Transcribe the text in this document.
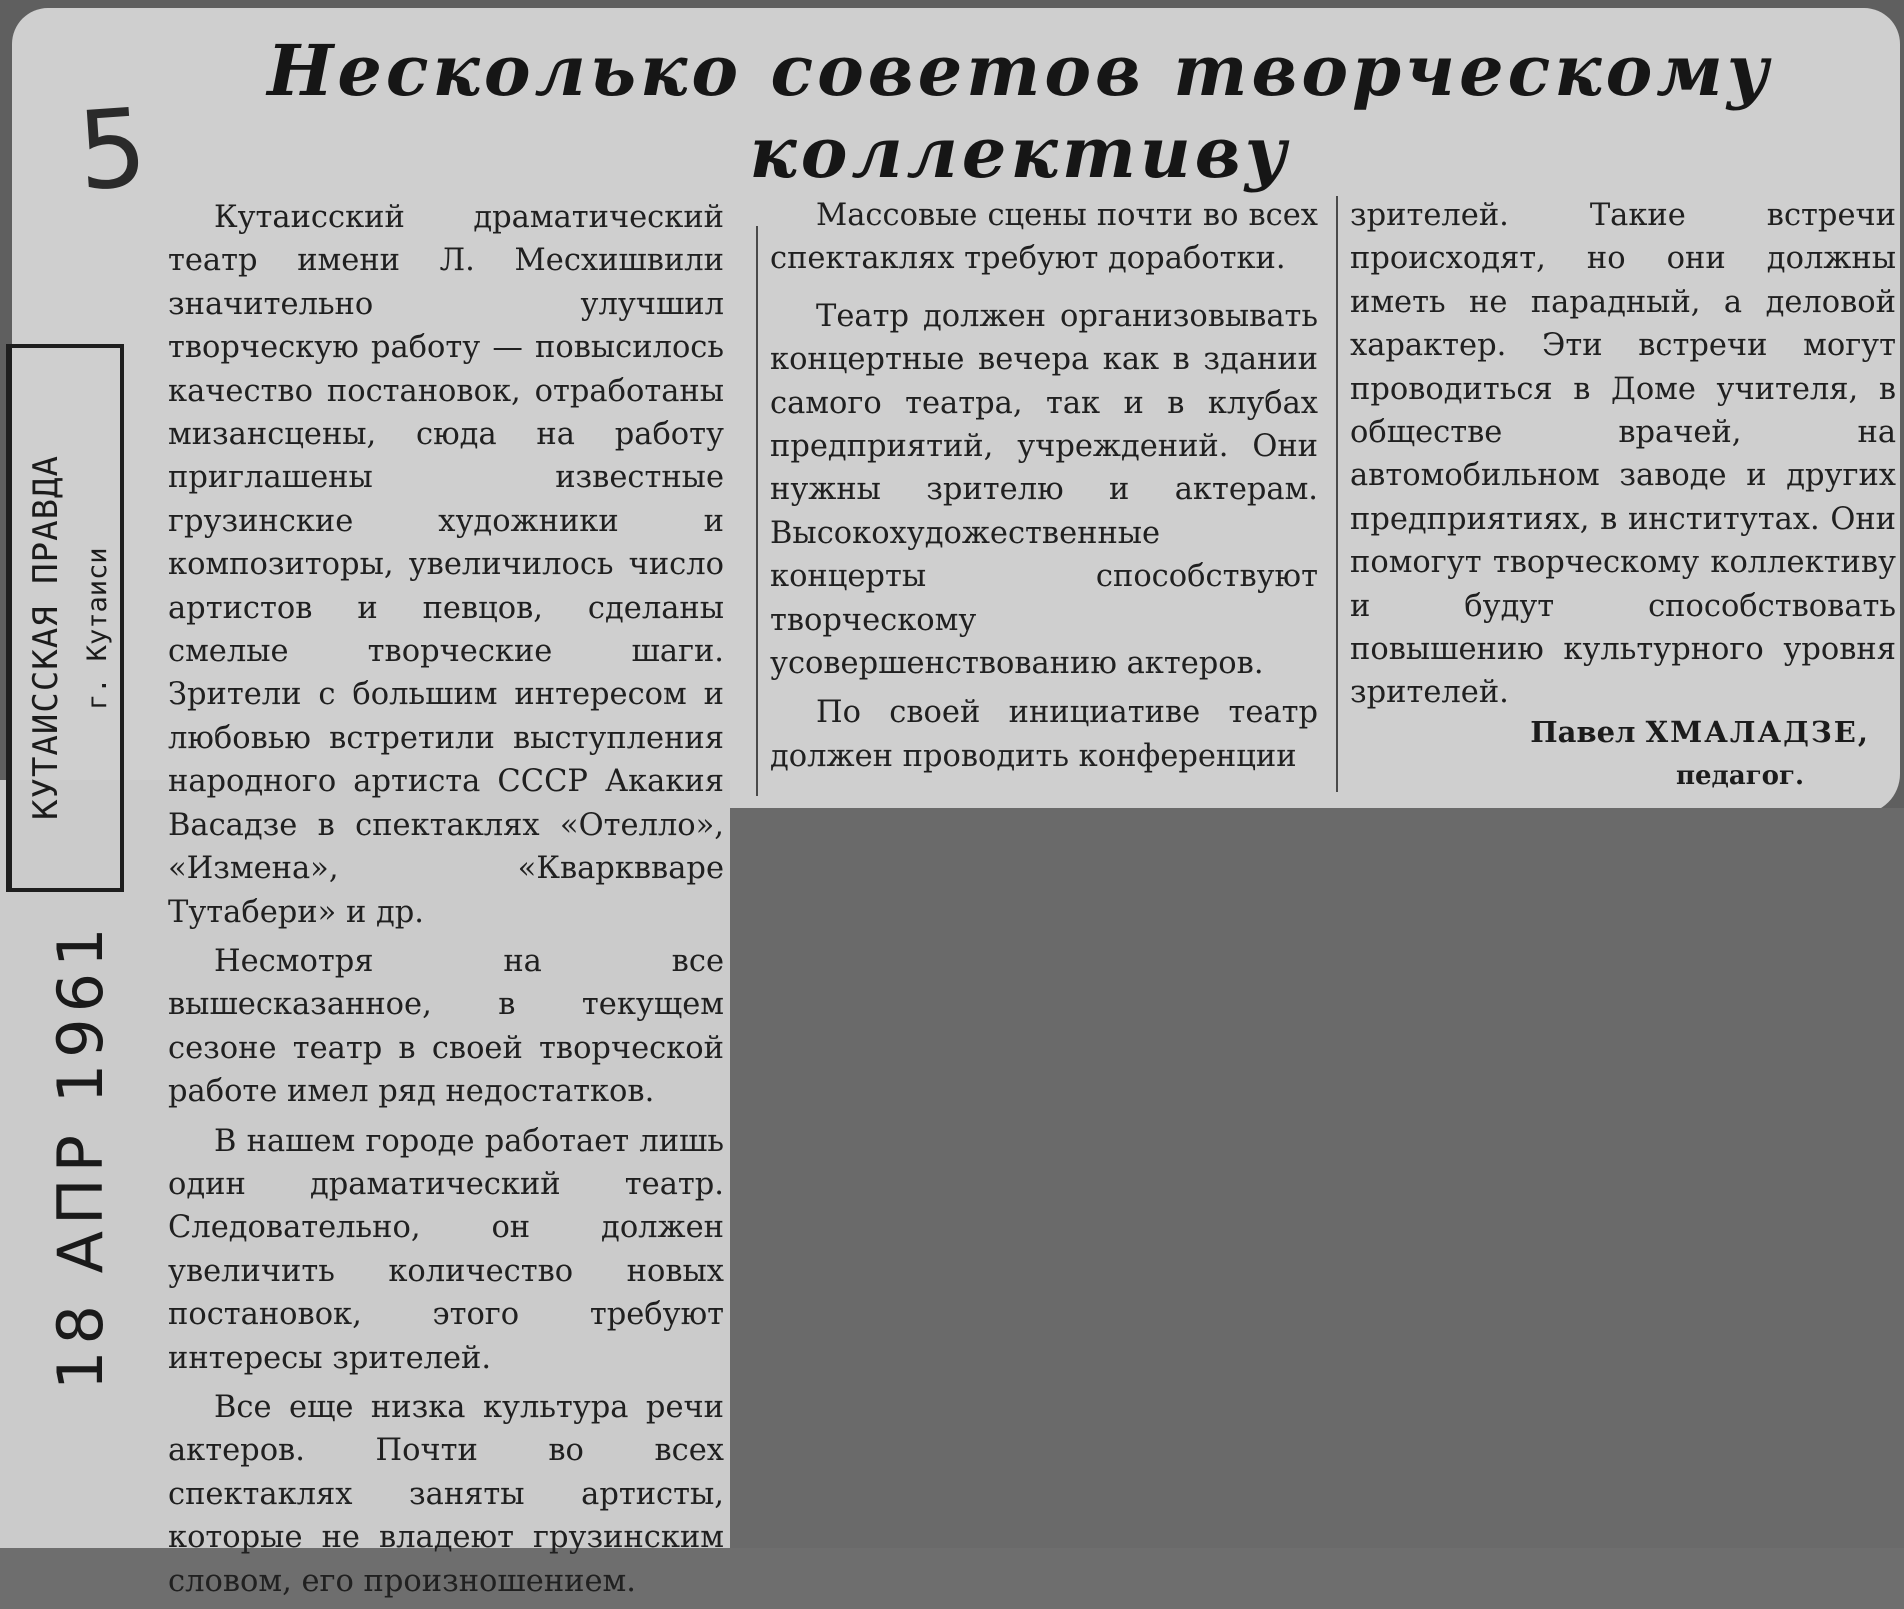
Несколько советов творческому
коллективу
5
КУТАИССКАЯ ПРАВДА г. Кутаиси
18 АПР 1961

Кутаисский драматический театр имени Л. Месхишвили значительно улучшил творческую работу — повысилось качество постановок, отработаны мизансцены, сюда на работу приглашены известные грузинские художники и композиторы, увеличилось число артистов и певцов, сделаны смелые творческие шаги. Зрители с большим интересом и любовью встретили выступления народного артиста СССР Акакия Васадзе в спектаклях «Отелло», «Измена», «Кварквваре Тутабери» и др.

Несмотря на все вышесказанное, в текущем сезоне театр в своей творческой работе имел ряд недостатков.

В нашем городе работает лишь один драматический театр. Следовательно, он должен увеличить количество новых постановок, этого требуют интересы зрителей.

Все еще низка культура речи актеров. Почти во всех спектаклях заняты артисты, которые не владеют грузинским словом, его произношением.

Массовые сцены почти во всех спектаклях требуют доработки.

Театр должен организовывать концертные вечера как в здании самого театра, так и в клубах предприятий, учреждений. Они нужны зрителю и актерам. Высокохудожественные концерты способствуют творческому усовершенствованию актеров.

По своей инициативе театр должен проводить конференции

зрителей. Такие встречи происходят, но они должны иметь не парадный, а деловой характер. Эти встречи могут проводиться в Доме учителя, в обществе врачей, на автомобильном заводе и других предприятиях, в институтах. Они помогут творческому коллективу и будут способствовать повышению культурного уровня зрителей.

Павел ХМАЛАДЗЕ,
педагог.
